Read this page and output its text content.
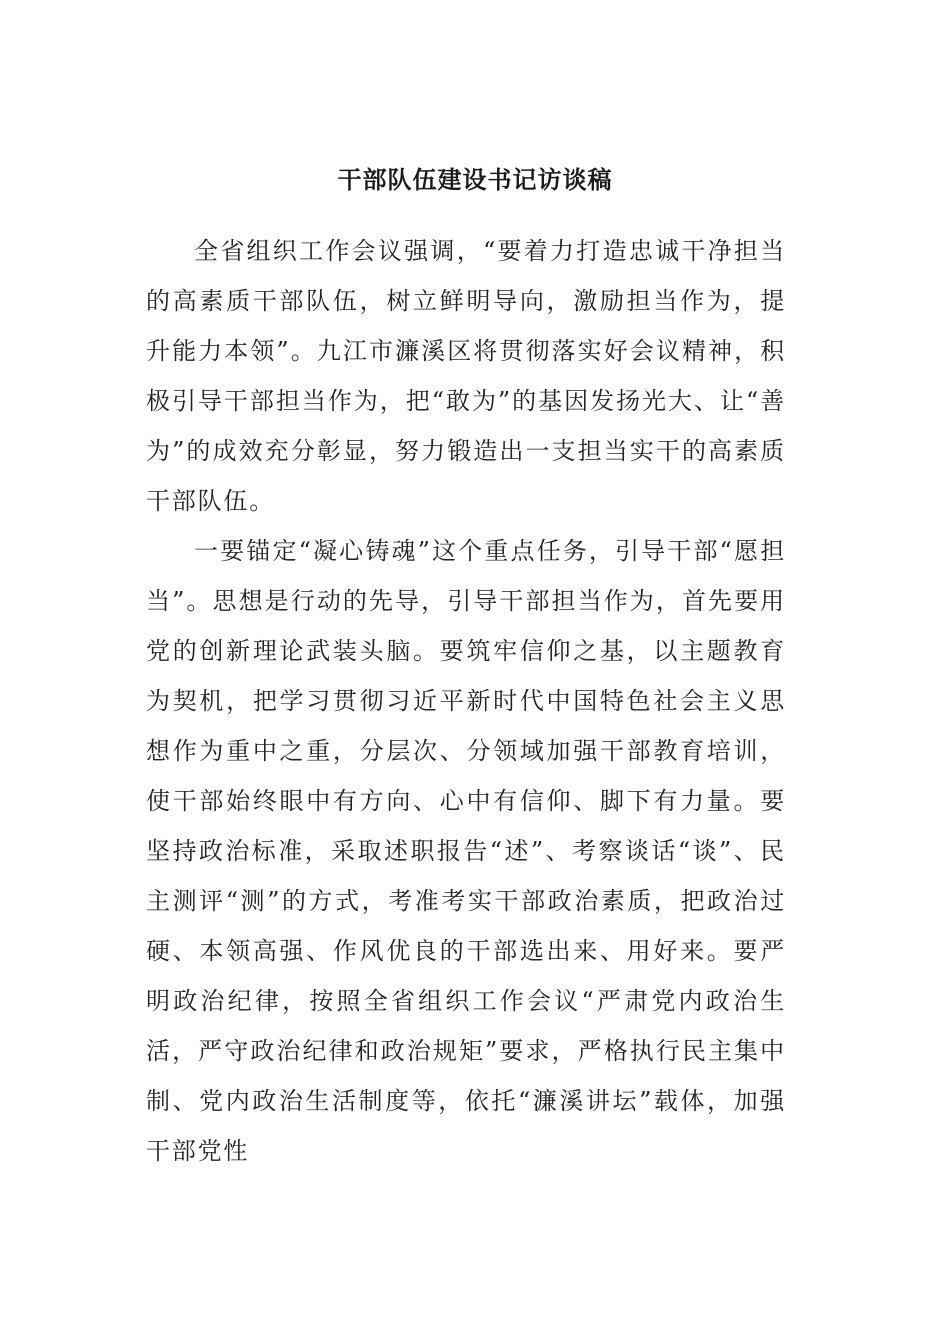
干部队伍建设书记访谈稿

全省组织工作会议强调，“要着力打造忠诚干净担当的高素质干部队伍，树立鲜明导向，激励担当作为，提升能力本领”。九江市濂溪区将贯彻落实好会议精神，积极引导干部担当作为，把“敢为”的基因发扬光大、让“善为”的成效充分彰显，努力锻造出一支担当实干的高素质干部队伍。

一要锚定“凝心铸魂”这个重点任务，引导干部“愿担当”。思想是行动的先导，引导干部担当作为，首先要用党的创新理论武装头脑。要筑牢信仰之基，以主题教育为契机，把学习贯彻习近平新时代中国特色社会主义思想作为重中之重，分层次、分领域加强干部教育培训，使干部始终眼中有方向、心中有信仰、脚下有力量。要坚持政治标准，采取述职报告“述”、考察谈话“谈”、民主测评“测”的方式，考准考实干部政治素质，把政治过硬、本领高强、作风优良的干部选出来、用好来。要严明政治纪律，按照全省组织工作会议“严肃党内政治生活，严守政治纪律和政治规矩”要求，严格执行民主集中制、党内政治生活制度等，依托“濂溪讲坛”载体，加强干部党性
